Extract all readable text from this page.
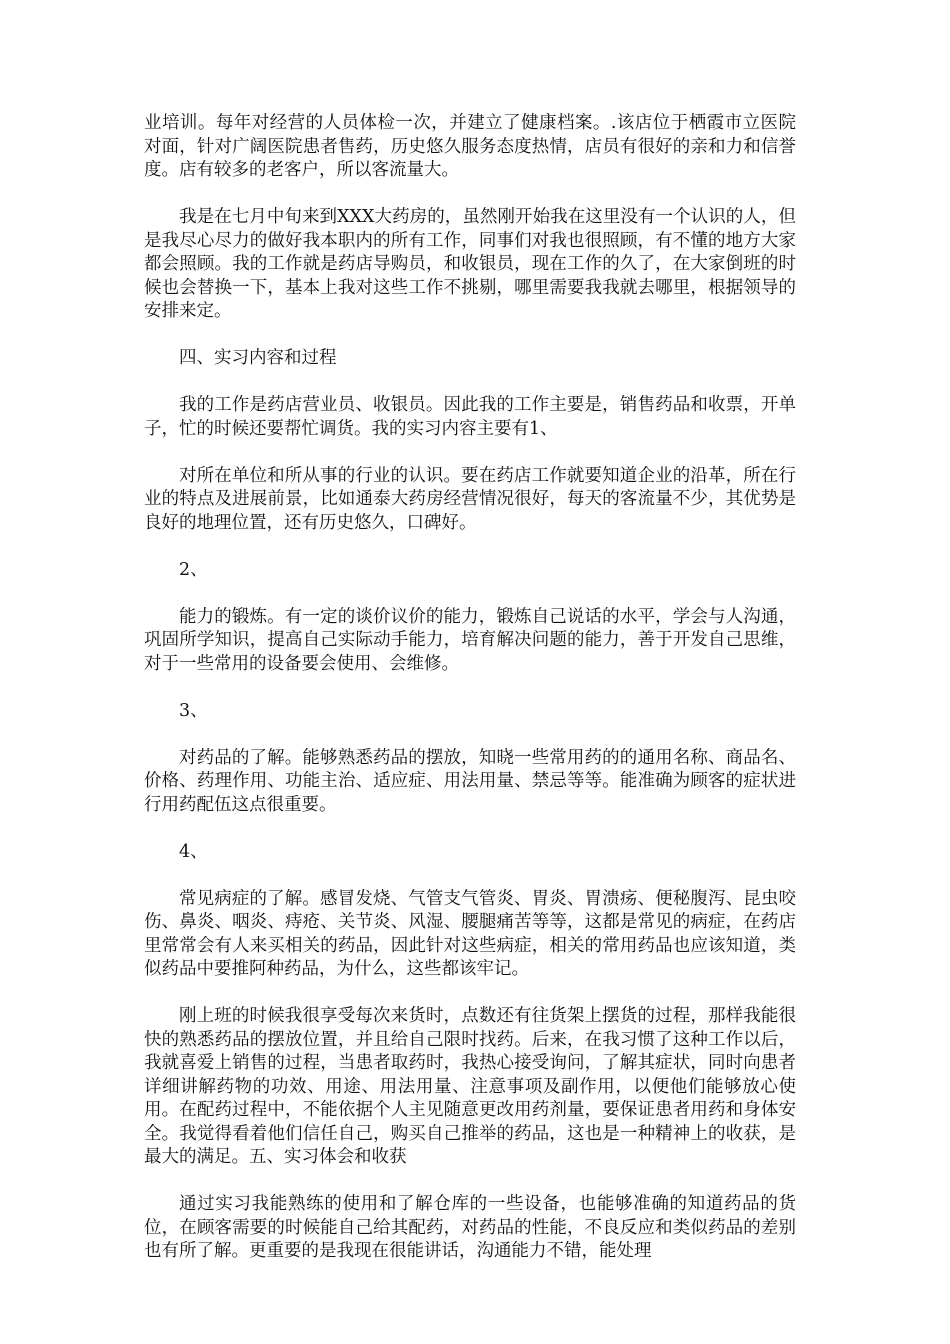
业培训。每年对经营的人员体检一次，并建立了健康档案。.该店位于栖霞市立医院对面，针对广阔医院患者售药，历史悠久服务态度热情，店员有很好的亲和力和信誉度。店有较多的老客户，所以客流量大。

我是在七月中旬来到XXX大药房的，虽然刚开始我在这里没有一个认识的人，但是我尽心尽力的做好我本职内的所有工作，同事们对我也很照顾，有不懂的地方大家都会照顾。我的工作就是药店导购员，和收银员，现在工作的久了，在大家倒班的时候也会替换一下，基本上我对这些工作不挑剔，哪里需要我我就去哪里，根据领导的安排来定。

四、实习内容和过程

我的工作是药店营业员、收银员。因此我的工作主要是，销售药品和收票，开单子，忙的时候还要帮忙调货。我的实习内容主要有1、

对所在单位和所从事的行业的认识。要在药店工作就要知道企业的沿革，所在行业的特点及进展前景，比如通泰大药房经营情况很好，每天的客流量不少，其优势是良好的地理位置，还有历史悠久，口碑好。

2、

能力的锻炼。有一定的谈价议价的能力，锻炼自己说话的水平，学会与人沟通，巩固所学知识，提高自己实际动手能力，培育解决问题的能力，善于开发自己思维，对于一些常用的设备要会使用、会维修。

3、

对药品的了解。能够熟悉药品的摆放，知晓一些常用药的的通用名称、商品名、价格、药理作用、功能主治、适应症、用法用量、禁忌等等。能准确为顾客的症状进行用药配伍这点很重要。

4、

常见病症的了解。感冒发烧、气管支气管炎、胃炎、胃溃疡、便秘腹泻、昆虫咬伤、鼻炎、咽炎、痔疮、关节炎、风湿、腰腿痛苦等等，这都是常见的病症，在药店里常常会有人来买相关的药品，因此针对这些病症，相关的常用药品也应该知道，类似药品中要推阿种药品，为什么，这些都该牢记。

刚上班的时候我很享受每次来货时，点数还有往货架上摆货的过程，那样我能很快的熟悉药品的摆放位置，并且给自己限时找药。后来，在我习惯了这种工作以后，我就喜爱上销售的过程，当患者取药时，我热心接受询问，了解其症状，同时向患者详细讲解药物的功效、用途、用法用量、注意事项及副作用，以便他们能够放心使用。在配药过程中，不能依据个人主见随意更改用药剂量，要保证患者用药和身体安全。我觉得看着他们信任自己，购买自己推举的药品，这也是一种精神上的收获，是最大的满足。五、实习体会和收获

通过实习我能熟练的使用和了解仓库的一些设备，也能够准确的知道药品的货位，在顾客需要的时候能自己给其配药，对药品的性能，不良反应和类似药品的差别也有所了解。更重要的是我现在很能讲话，沟通能力不错，能处理
